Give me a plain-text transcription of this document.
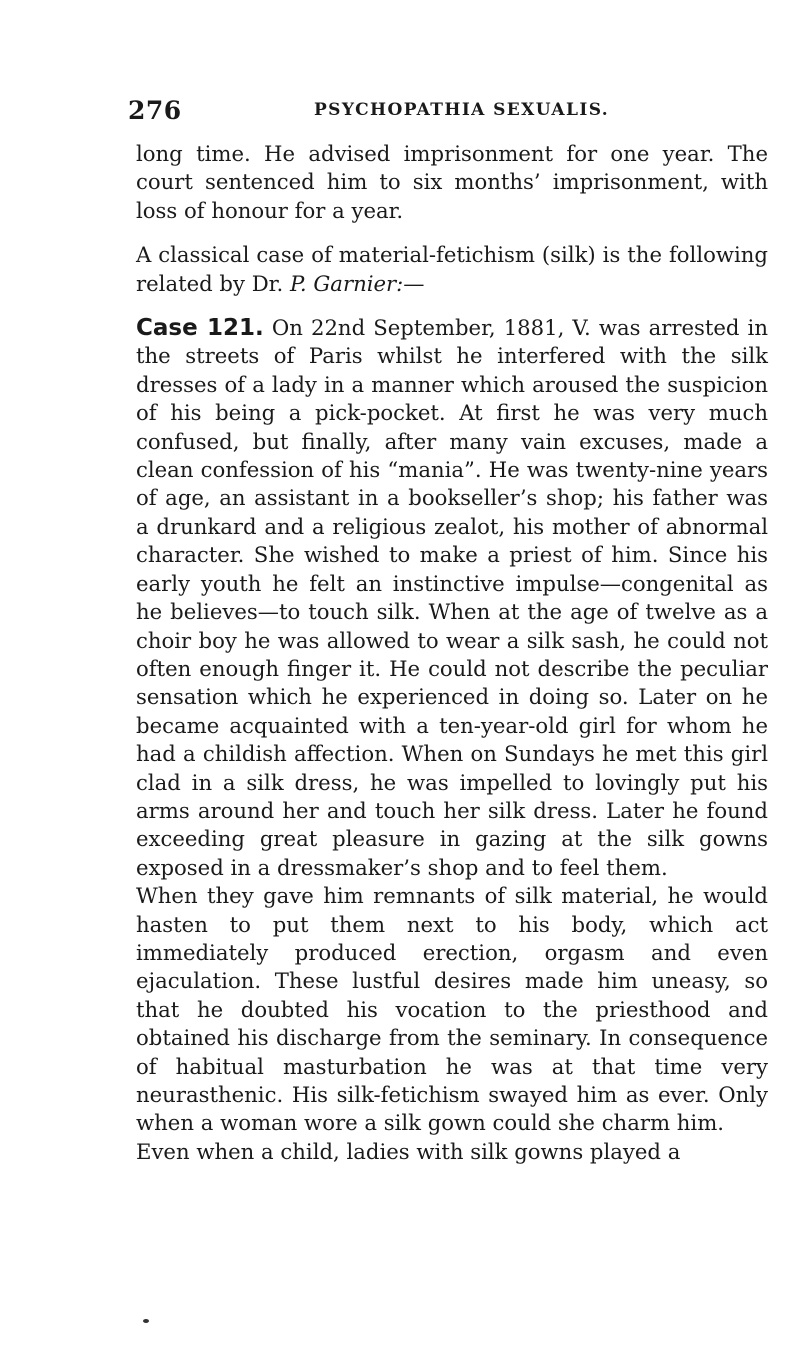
276	PSYCHOPATHIA SEXUALIS.

long time. He advised imprisonment for one year. The court sentenced him to six months’ imprisonment, with loss of honour for a year.

A classical case of material-fetichism (silk) is the following related by Dr. P. Garnier:—

Case 121. On 22nd September, 1881, V. was arrested in the streets of Paris whilst he interfered with the silk dresses of a lady in a manner which aroused the suspicion of his being a pick-pocket. At first he was very much confused, but finally, after many vain excuses, made a clean confession of his “mania”. He was twenty-nine years of age, an assistant in a bookseller’s shop; his father was a drunkard and a religious zealot, his mother of abnormal character. She wished to make a priest of him. Since his early youth he felt an instinctive impulse—congenital as he believes—to touch silk. When at the age of twelve as a choir boy he was allowed to wear a silk sash, he could not often enough finger it. He could not describe the peculiar sensation which he experienced in doing so. Later on he became acquainted with a ten-year-old girl for whom he had a childish affection. When on Sundays he met this girl clad in a silk dress, he was impelled to lovingly put his arms around her and touch her silk dress. Later he found exceeding great pleasure in gazing at the silk gowns exposed in a dressmaker’s shop and to feel them.

When they gave him remnants of silk material, he would hasten to put them next to his body, which act immediately produced erection, orgasm and even ejaculation. These lustful desires made him uneasy, so that he doubted his vocation to the priesthood and obtained his discharge from the seminary. In consequence of habitual masturbation he was at that time very neurasthenic. His silk-fetichism swayed him as ever. Only when a woman wore a silk gown could she charm him.

Even when a child, ladies with silk gowns played a
